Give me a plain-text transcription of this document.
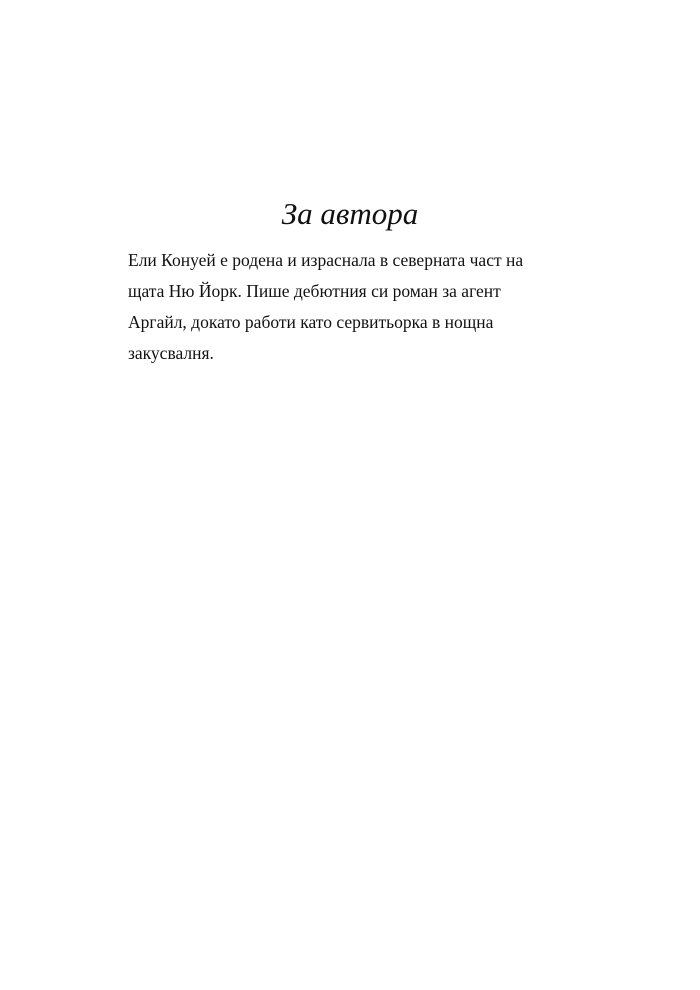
За автора

Ели Конуей е родена и израснала в северната част на

щата Ню Йорк. Пише дебютния си роман за агент

Аргайл, докато работи като сервитьорка в нощна

закусвалня.
